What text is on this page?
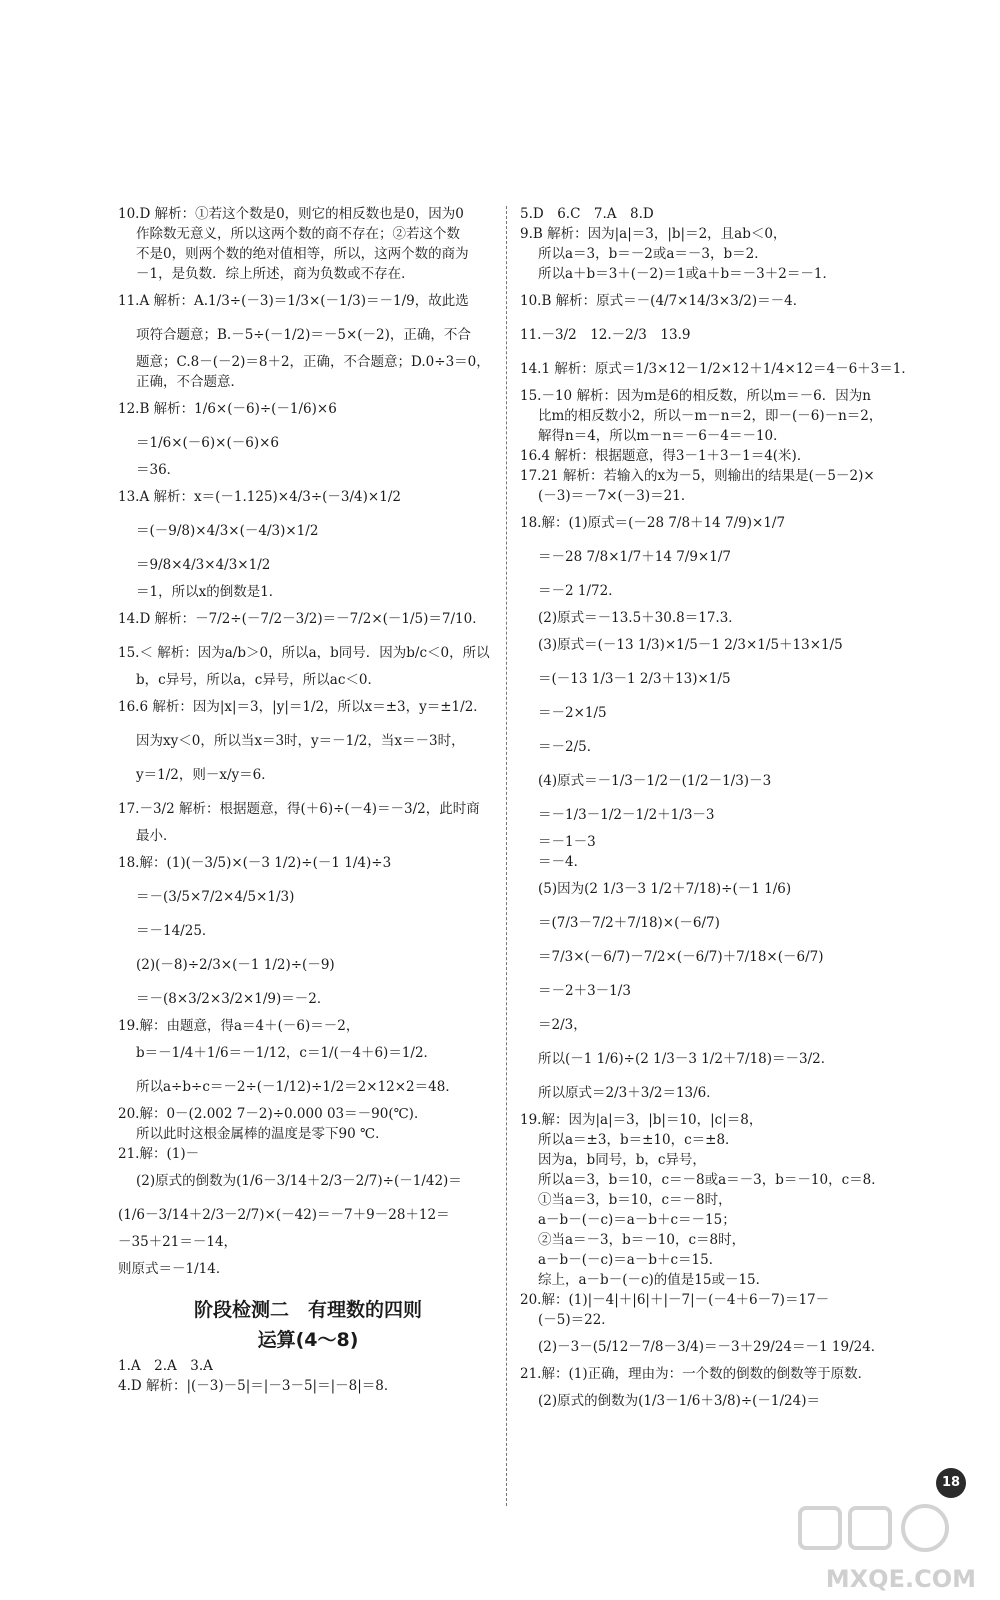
10.D 解析：①若这个数是0，则它的相反数也是0，因为0
作除数无意义，所以这两个数的商不存在；②若这个数
不是0，则两个数的绝对值相等，所以，这两个数的商为
－1，是负数．综上所述，商为负数或不存在．
11.A 解析：A.1/3÷(－3)＝1/3×(－1/3)＝－1/9，故此选
项符合题意；B.－5÷(－1/2)＝－5×(－2)，正确，不合
题意；C.8－(－2)＝8＋2，正确，不合题意；D.0÷3＝0，
正确，不合题意．
12.B 解析：1/6×(－6)÷(－1/6)×6
＝1/6×(－6)×(－6)×6
＝36．
13.A 解析：x＝(－1.125)×4/3÷(－3/4)×1/2
＝(－9/8)×4/3×(－4/3)×1/2
＝9/8×4/3×4/3×1/2
＝1，所以x的倒数是1．
14.D 解析：－7/2÷(－7/2－3/2)＝－7/2×(－1/5)＝7/10．
15.＜ 解析：因为a/b＞0，所以a，b同号．因为b/c＜0，所以
b，c异号，所以a，c异号，所以ac＜0．
16.6 解析：因为|x|＝3，|y|＝1/2，所以x＝±3，y＝±1/2．
因为xy＜0，所以当x＝3时，y＝－1/2，当x＝－3时，
y＝1/2，则－x/y＝6．
17.－3/2 解析：根据题意，得(＋6)÷(－4)＝－3/2，此时商
最小．
18.解：(1)(－3/5)×(－3 1/2)÷(－1 1/4)÷3
＝－(3/5×7/2×4/5×1/3)
＝－14/25．
(2)(－8)÷2/3×(－1 1/2)÷(－9)
＝－(8×3/2×3/2×1/9)＝－2．
19.解：由题意，得a＝4＋(－6)＝－2，
b＝－1/4＋1/6＝－1/12，c＝1/(－4＋6)＝1/2．
所以a÷b÷c＝－2÷(－1/12)÷1/2＝2×12×2＝48．
20.解：0－(2.002 7－2)÷0.000 03＝－90(℃)．
所以此时这根金属棒的温度是零下90 ℃．
21.解：(1)－
(2)原式的倒数为(1/6－3/14＋2/3－2/7)÷(－1/42)＝
(1/6－3/14＋2/3－2/7)×(－42)＝－7＋9－28＋12＝
－35＋21＝－14，
则原式＝－1/14．
阶段检测二　有理数的四则
运算(4～8)
1.A　2.A　3.A
4.D 解析：|(－3)－5|＝|－3－5|＝|－8|＝8．
5.D　6.C　7.A　8.D
9.B 解析：因为|a|＝3，|b|＝2，且ab＜0，
所以a＝3，b＝－2或a＝－3，b＝2．
所以a＋b＝3＋(－2)＝1或a＋b＝－3＋2＝－1．
10.B 解析：原式＝－(4/7×14/3×3/2)＝－4．
11.－3/2　12.－2/3　13.9
14.1 解析：原式＝1/3×12－1/2×12＋1/4×12＝4－6＋3＝1．
15.－10 解析：因为m是6的相反数，所以m＝－6．因为n
比m的相反数小2，所以－m－n＝2，即－(－6)－n＝2，
解得n＝4，所以m－n＝－6－4＝－10．
16.4 解析：根据题意，得3－1＋3－1＝4(米)．
17.21 解析：若输入的x为－5，则输出的结果是(－5－2)×
(－3)＝－7×(－3)＝21．
18.解：(1)原式＝(－28 7/8＋14 7/9)×1/7
＝－28 7/8×1/7＋14 7/9×1/7
＝－2 1/72．
(2)原式＝－13.5＋30.8＝17.3．
(3)原式＝(－13 1/3)×1/5－1 2/3×1/5＋13×1/5
＝(－13 1/3－1 2/3＋13)×1/5
＝－2×1/5
＝－2/5．
(4)原式＝－1/3－1/2－(1/2－1/3)－3
＝－1/3－1/2－1/2＋1/3－3
＝－1－3
＝－4．
(5)因为(2 1/3－3 1/2＋7/18)÷(－1 1/6)
＝(7/3－7/2＋7/18)×(－6/7)
＝7/3×(－6/7)－7/2×(－6/7)＋7/18×(－6/7)
＝－2＋3－1/3
＝2/3，
所以(－1 1/6)÷(2 1/3－3 1/2＋7/18)＝－3/2．
所以原式＝2/3＋3/2＝13/6．
19.解：因为|a|＝3，|b|＝10，|c|＝8，
所以a＝±3，b＝±10，c＝±8．
因为a，b同号，b，c异号，
所以a＝3，b＝10，c＝－8或a＝－3，b＝－10，c＝8．
①当a＝3，b＝10，c＝－8时，
a－b－(－c)＝a－b＋c＝－15；
②当a＝－3，b＝－10，c＝8时，
a－b－(－c)＝a－b＋c＝15．
综上，a－b－(－c)的值是15或－15．
20.解：(1)|－4|＋|6|＋|－7|－(－4＋6－7)＝17－
(－5)＝22．
(2)－3－(5/12－7/8－3/4)＝－3＋29/24＝－1 19/24．
21.解：(1)正确，理由为：一个数的倒数的倒数等于原数．
(2)原式的倒数为(1/3－1/6＋3/8)÷(－1/24)＝
18
MXQE.COM
